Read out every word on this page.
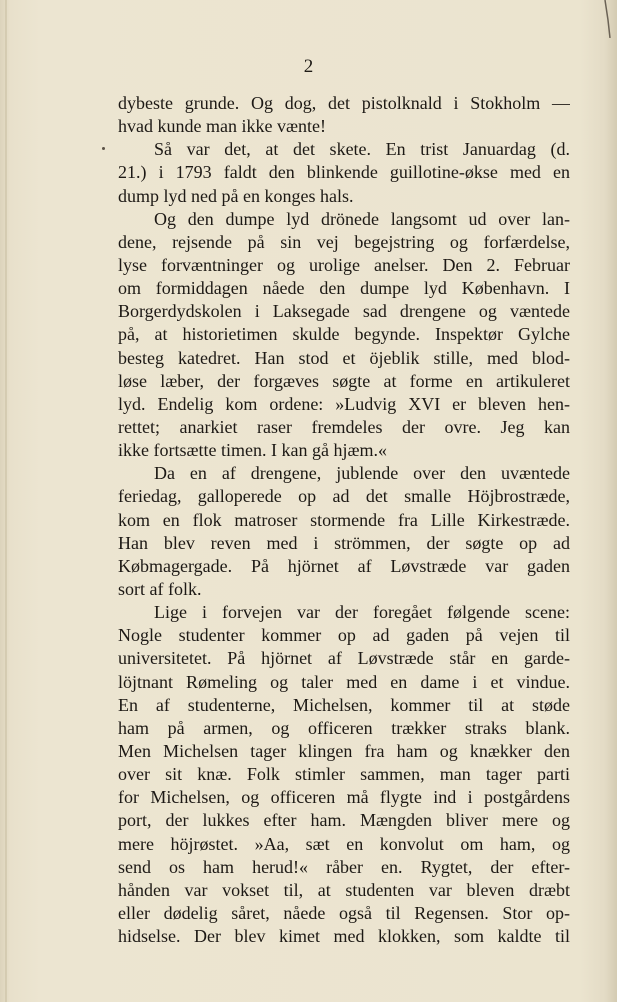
2
dybeste grunde. Og dog, det pistolknald i Stokholm —
hvad kunde man ikke vænte!
Så var det, at det skete. En trist Januardag (d.
21.) i 1793 faldt den blinkende guillotine-økse med en
dump lyd ned på en konges hals.
Og den dumpe lyd drönede langsomt ud over lan-
dene, rejsende på sin vej begejstring og forfærdelse,
lyse forvæntninger og urolige anelser. Den 2. Februar
om formiddagen nåede den dumpe lyd København. I
Borgerdydskolen i Laksegade sad drengene og væntede
på, at historietimen skulde begynde. Inspektør Gylche
besteg katedret. Han stod et öjeblik stille, med blod-
løse læber, der forgæves søgte at forme en artikuleret
lyd. Endelig kom ordene: »Ludvig XVI er bleven hen-
rettet; anarkiet raser fremdeles der ovre. Jeg kan
ikke fortsætte timen. I kan gå hjæm.«
Da en af drengene, jublende over den uvæntede
feriedag, galloperede op ad det smalle Höjbrostræde,
kom en flok matroser stormende fra Lille Kirkestræde.
Han blev reven med i strömmen, der søgte op ad
Købmagergade. På hjörnet af Løvstræde var gaden
sort af folk.
Lige i forvejen var der foregået følgende scene:
Nogle studenter kommer op ad gaden på vejen til
universitetet. På hjörnet af Løvstræde står en garde-
löjtnant Rømeling og taler med en dame i et vindue.
En af studenterne, Michelsen, kommer til at støde
ham på armen, og officeren trækker straks blank.
Men Michelsen tager klingen fra ham og knækker den
over sit knæ. Folk stimler sammen, man tager parti
for Michelsen, og officeren må flygte ind i postgårdens
port, der lukkes efter ham. Mængden bliver mere og
mere höjrøstet. »Aa, sæt en konvolut om ham, og
send os ham herud!« råber en. Rygtet, der efter-
hånden var vokset til, at studenten var bleven dræbt
eller dødelig såret, nåede også til Regensen. Stor op-
hidselse. Der blev kimet med klokken, som kaldte til
